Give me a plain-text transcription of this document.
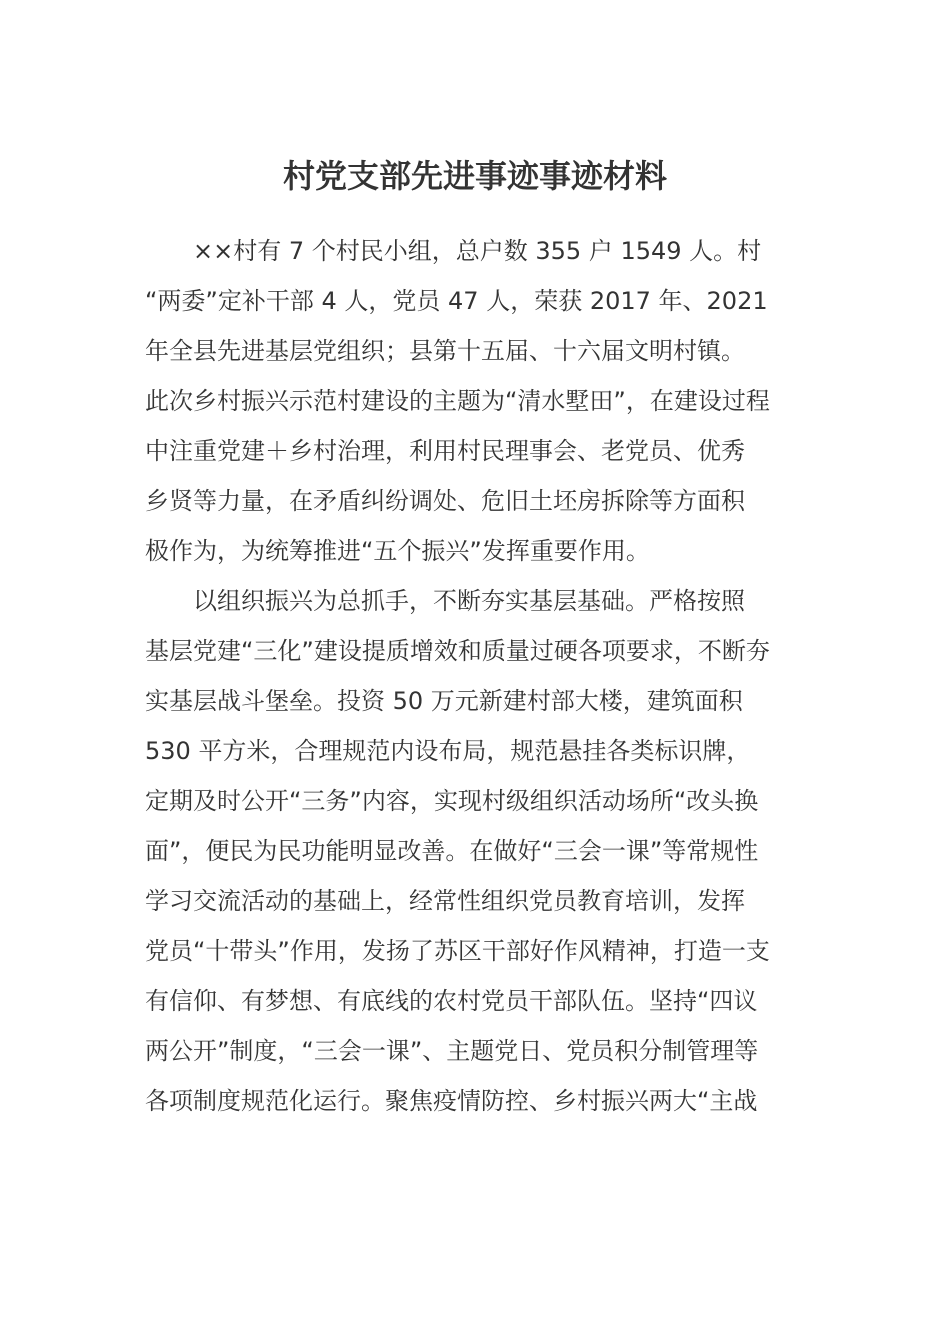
村党支部先进事迹事迹材料
××村有 7 个村民小组，总户数 355 户 1549 人。村
“两委”定补干部 4 人，党员 47 人，荣获 2017 年、2021
年全县先进基层党组织；县第十五届、十六届文明村镇。
此次乡村振兴示范村建设的主题为“清水墅田”，在建设过程
中注重党建＋乡村治理，利用村民理事会、老党员、优秀
乡贤等力量，在矛盾纠纷调处、危旧土坯房拆除等方面积
极作为，为统筹推进“五个振兴”发挥重要作用。
以组织振兴为总抓手，不断夯实基层基础。严格按照
基层党建“三化”建设提质增效和质量过硬各项要求，不断夯
实基层战斗堡垒。投资 50 万元新建村部大楼，建筑面积
530 平方米，合理规范内设布局，规范悬挂各类标识牌，
定期及时公开“三务”内容，实现村级组织活动场所“改头换
面”，便民为民功能明显改善。在做好“三会一课”等常规性
学习交流活动的基础上，经常性组织党员教育培训，发挥
党员“十带头”作用，发扬了苏区干部好作风精神，打造一支
有信仰、有梦想、有底线的农村党员干部队伍。坚持“四议
两公开”制度，“三会一课”、主题党日、党员积分制管理等
各项制度规范化运行。聚焦疫情防控、乡村振兴两大“主战
